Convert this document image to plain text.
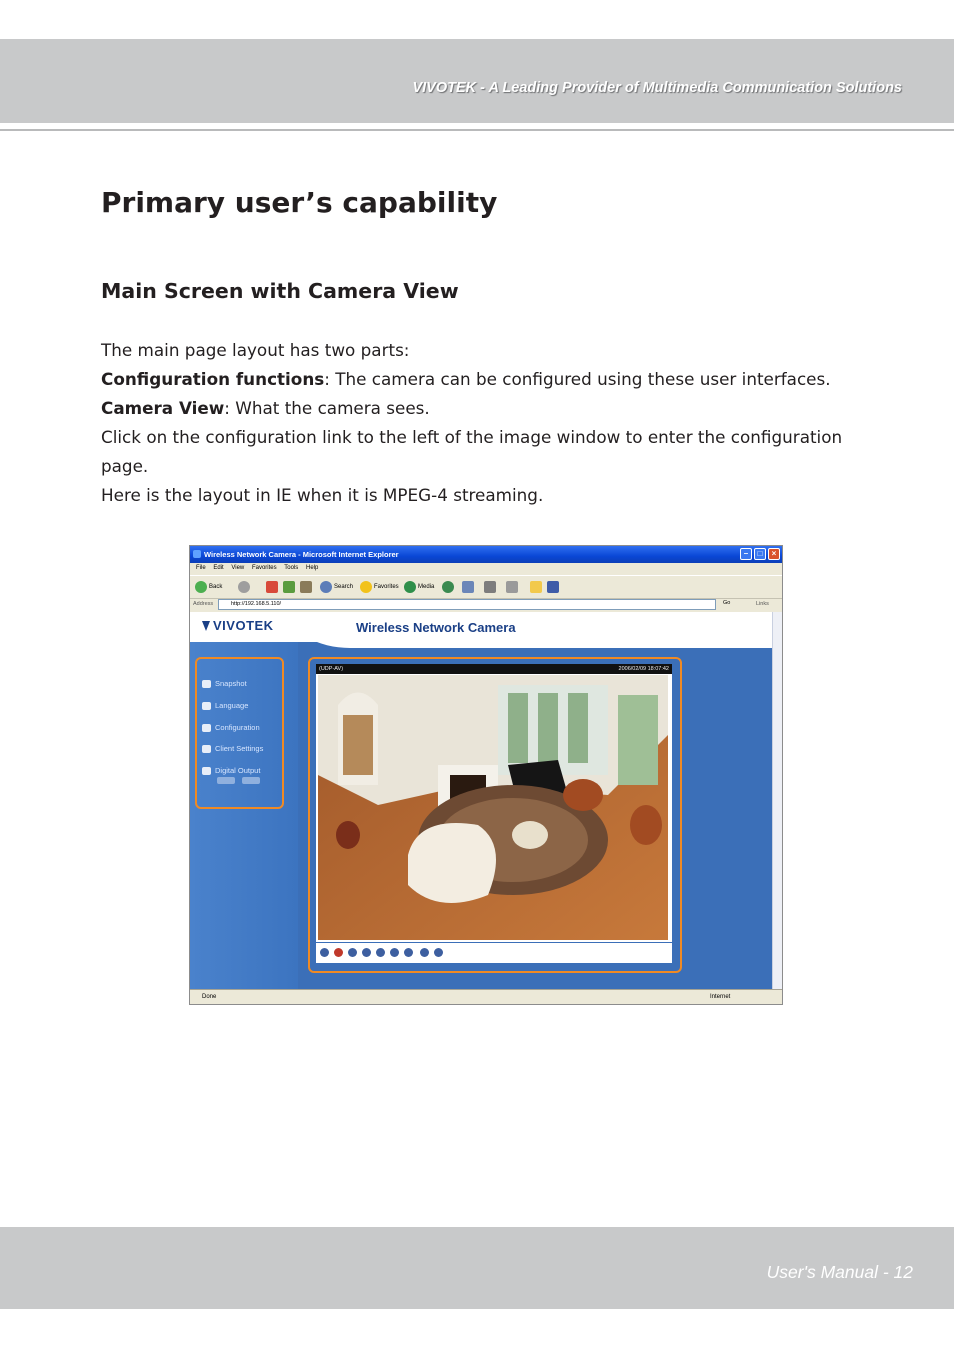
VIVOTEK - A Leading Provider of Multimedia Communication Solutions
Primary user’s capability
Main Screen with Camera View

The main page layout has two parts:

Configuration functions: The camera can be configured using these user interfaces.

Camera View: What the camera sees.

Click on the configuration link to the left of the image window to enter the configuration page.

Here is the layout in IE when it is MPEG-4 streaming.

Wireless Network Camera - Microsoft Internet Explorer	–	□	×
File Edit View Favorites Tools Help
Back	Search	Favorites	Media
Address	http://192.168.5.110/	Go	Links
VIVOTEK	Wireless Network Camera
Snapshot
Language
Configuration
Client Settings
Digital Output
(UDP-AV)	2006/02/09 18:07:42
Done	Internet
User's Manual - 12
